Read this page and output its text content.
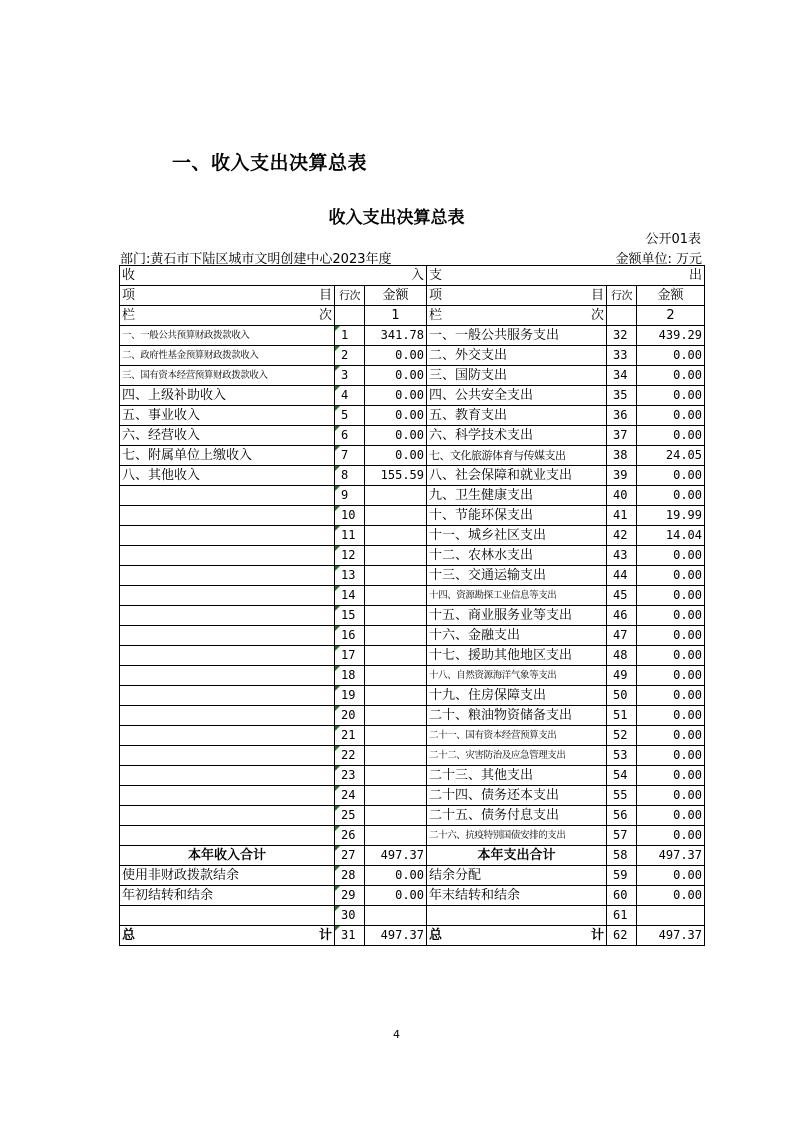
一、收入支出决算总表
收入支出决算总表
公开01表
部门:黄石市下陆区城市文明创建中心2023年度	金额单位: 万元
收 入			支 出		

项 目	行次	金额	项 目	行次	金额

栏 次		1	栏 次		2
一、一般公共预算财政拨款收入	1	341.78	一、一般公共服务支出	32	439.29
二、政府性基金预算财政拨款收入	2	0.00	二、外交支出	33	0.00
三、国有资本经营预算财政拨款收入	3	0.00	三、国防支出	34	0.00
四、上级补助收入	4	0.00	四、公共安全支出	35	0.00
五、事业收入	5	0.00	五、教育支出	36	0.00
六、经营收入	6	0.00	六、科学技术支出	37	0.00
七、附属单位上缴收入	7	0.00	七、文化旅游体育与传媒支出	38	24.05
八、其他收入	8	155.59	八、社会保障和就业支出	39	0.00
	9		九、卫生健康支出	40	0.00
	10		十、节能环保支出	41	19.99
	11		十一、城乡社区支出	42	14.04
	12		十二、农林水支出	43	0.00
	13		十三、交通运输支出	44	0.00
	14		十四、资源勘探工业信息等支出	45	0.00
	15		十五、商业服务业等支出	46	0.00
	16		十六、金融支出	47	0.00
	17		十七、援助其他地区支出	48	0.00
	18		十八、自然资源海洋气象等支出	49	0.00
	19		十九、住房保障支出	50	0.00
	20		二十、粮油物资储备支出	51	0.00
	21		二十一、国有资本经营预算支出	52	0.00
	22		二十二、灾害防治及应急管理支出	53	0.00
	23		二十三、其他支出	54	0.00
	24		二十四、债务还本支出	55	0.00
	25		二十五、债务付息支出	56	0.00
	26		二十六、抗疫特别国债安排的支出	57	0.00
本年收入合计	27	497.37	本年支出合计	58	497.37
使用非财政拨款结余	28	0.00	结余分配	59	0.00
年初结转和结余	29	0.00	年末结转和结余	60	0.00
	30			61	

总 计	31	497.37	总 计	62	497.37
4
